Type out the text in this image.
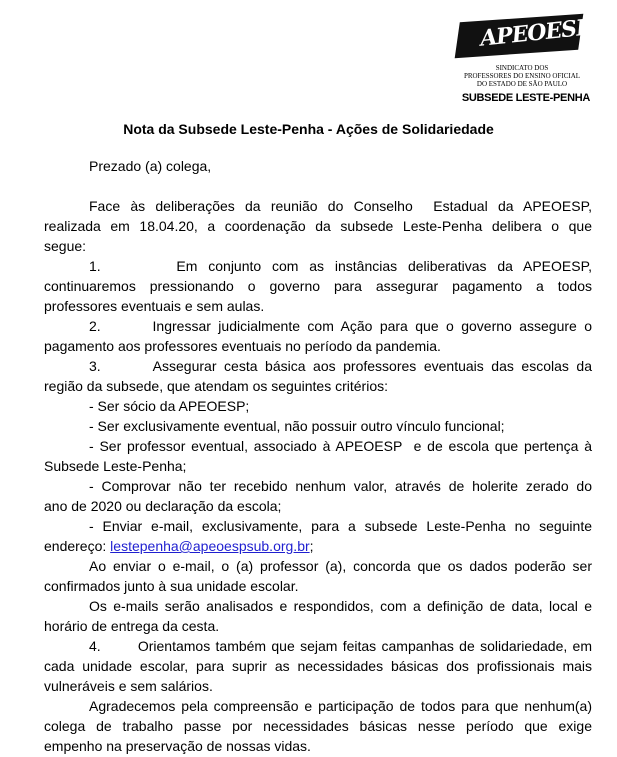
APEOESP
SINDICATO DOS
PROFESSORES DO ENSINO OFICIAL
DO ESTADO DE SÃO PAULO
SUBSEDE LESTE-PENHA
Nota da Subsede Leste-Penha - Ações de Solidariedade
Prezado (a) colega,
Face às deliberações da reunião do Conselho  Estadual da APEOESP,
realizada em 18.04.20, a coordenação da subsede Leste-Penha delibera o que
segue:
1.       Em conjunto com as instâncias deliberativas da APEOESP,
continuaremos pressionando o governo para assegurar pagamento a todos
professores eventuais e sem aulas.
2.       Ingressar judicialmente com Ação para que o governo assegure o
pagamento aos professores eventuais no período da pandemia.
3.       Assegurar cesta básica aos professores eventuais das escolas da
região da subsede, que atendam os seguintes critérios:
- Ser sócio da APEOESP;
- Ser exclusivamente eventual, não possuir outro vínculo funcional;
- Ser professor eventual, associado à APEOESP  e de escola que pertença à
Subsede Leste-Penha;
- Comprovar não ter recebido nenhum valor, através de holerite zerado do
ano de 2020 ou declaração da escola;
- Enviar e-mail, exclusivamente, para a subsede Leste-Penha no seguinte
endereço: lestepenha@apeoespsub.org.br;
Ao enviar o e-mail, o (a) professor (a), concorda que os dados poderão ser
confirmados junto à sua unidade escolar.
Os e-mails serão analisados e respondidos, com a definição de data, local e
horário de entrega da cesta.
4.       Orientamos também que sejam feitas campanhas de solidariedade, em
cada unidade escolar, para suprir as necessidades básicas dos profissionais mais
vulneráveis e sem salários.
Agradecemos pela compreensão e participação de todos para que nenhum(a)
colega de trabalho passe por necessidades básicas nesse período que exige
empenho na preservação de nossas vidas.
